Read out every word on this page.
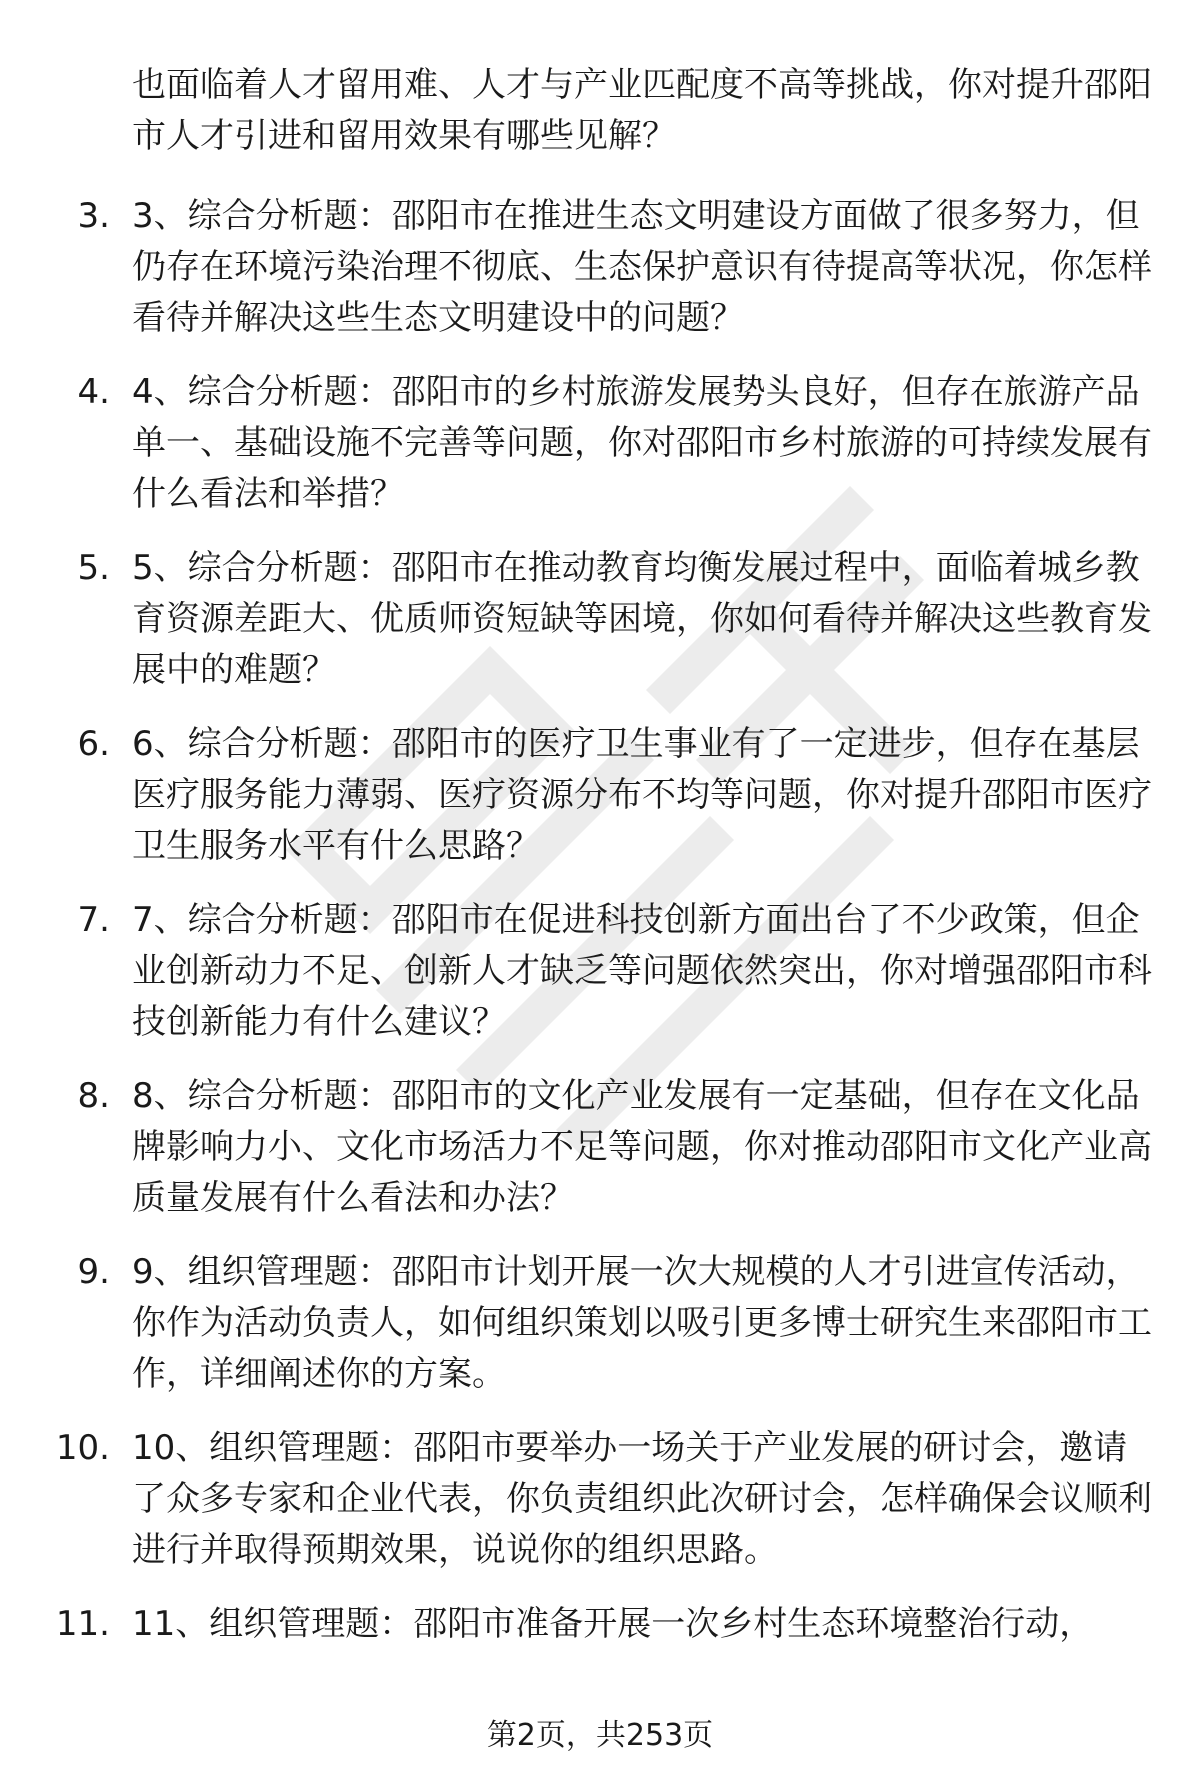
也面临着人才留用难、人才与产业匹配度不高等挑战，你对提升邵阳市人才引进和留用效果有哪些见解？
3. 3、综合分析题：邵阳市在推进生态文明建设方面做了很多努力，但仍存在环境污染治理不彻底、生态保护意识有待提高等状况，你怎样看待并解决这些生态文明建设中的问题？
4. 4、综合分析题：邵阳市的乡村旅游发展势头良好，但存在旅游产品单一、基础设施不完善等问题，你对邵阳市乡村旅游的可持续发展有什么看法和举措？
5. 5、综合分析题：邵阳市在推动教育均衡发展过程中，面临着城乡教育资源差距大、优质师资短缺等困境，你如何看待并解决这些教育发展中的难题？
6. 6、综合分析题：邵阳市的医疗卫生事业有了一定进步，但存在基层医疗服务能力薄弱、医疗资源分布不均等问题，你对提升邵阳市医疗卫生服务水平有什么思路？
7. 7、综合分析题：邵阳市在促进科技创新方面出台了不少政策，但企业创新动力不足、创新人才缺乏等问题依然突出，你对增强邵阳市科技创新能力有什么建议？
8. 8、综合分析题：邵阳市的文化产业发展有一定基础，但存在文化品牌影响力小、文化市场活力不足等问题，你对推动邵阳市文化产业高质量发展有什么看法和办法？
9. 9、组织管理题：邵阳市计划开展一次大规模的人才引进宣传活动，你作为活动负责人，如何组织策划以吸引更多博士研究生来邵阳市工作，详细阐述你的方案。
10. 10、组织管理题：邵阳市要举办一场关于产业发展的研讨会，邀请了众多专家和企业代表，你负责组织此次研讨会，怎样确保会议顺利进行并取得预期效果，说说你的组织思路。
11. 11、组织管理题：邵阳市准备开展一次乡村生态环境整治行动，
第2页，共253页
